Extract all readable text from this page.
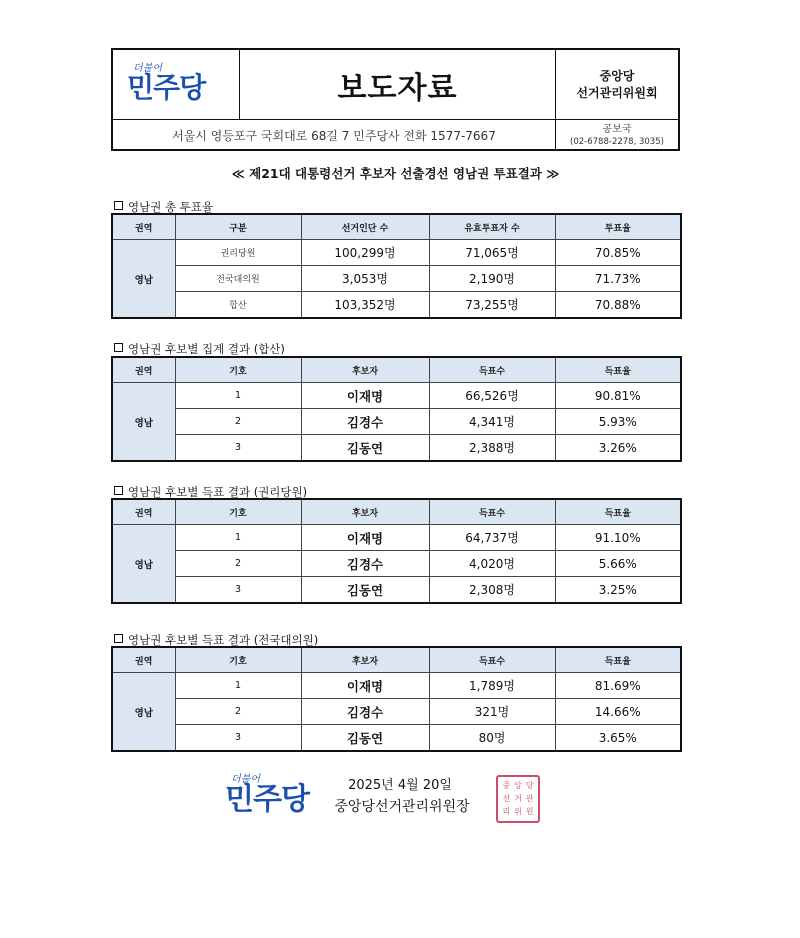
더불어
민주당	보도자료	중앙당
선거관리위원회
서울시 영등포구 국회대로 68길 7 민주당사 전화 1577-7667	공보국
(02-6788-2278, 3035)
≪ 제21대 대통령선거 후보자 선출경선 영남권 투표결과 ≫
영남권 총 투표율
권역	구분	선거인단 수	유효투표자 수	투표율
영남	권리당원	100,299명	71,065명	70.85%
	전국대의원	3,053명	2,190명	71.73%
	합산	103,352명	73,255명	70.88%
영남권 후보별 집계 결과 (합산)
권역	기호	후보자	득표수	득표율
영남	1	이재명	66,526명	90.81%
	2	김경수	4,341명	5.93%
	3	김동연	2,388명	3.26%
영남권 후보별 득표 결과 (권리당원)
권역	기호	후보자	득표수	득표율
영남	1	이재명	64,737명	91.10%
	2	김경수	4,020명	5.66%
	3	김동연	2,308명	3.25%
영남권 후보별 득표 결과 (전국대의원)
권역	기호	후보자	득표수	득표율
영남	1	이재명	1,789명	81.69%
	2	김경수	321명	14.66%
	3	김동연	80명	3.65%
더불어
민주당	2025년 4월 20일
중앙당선거관리위원장
중 앙 당
선 거 관
리 위 원
